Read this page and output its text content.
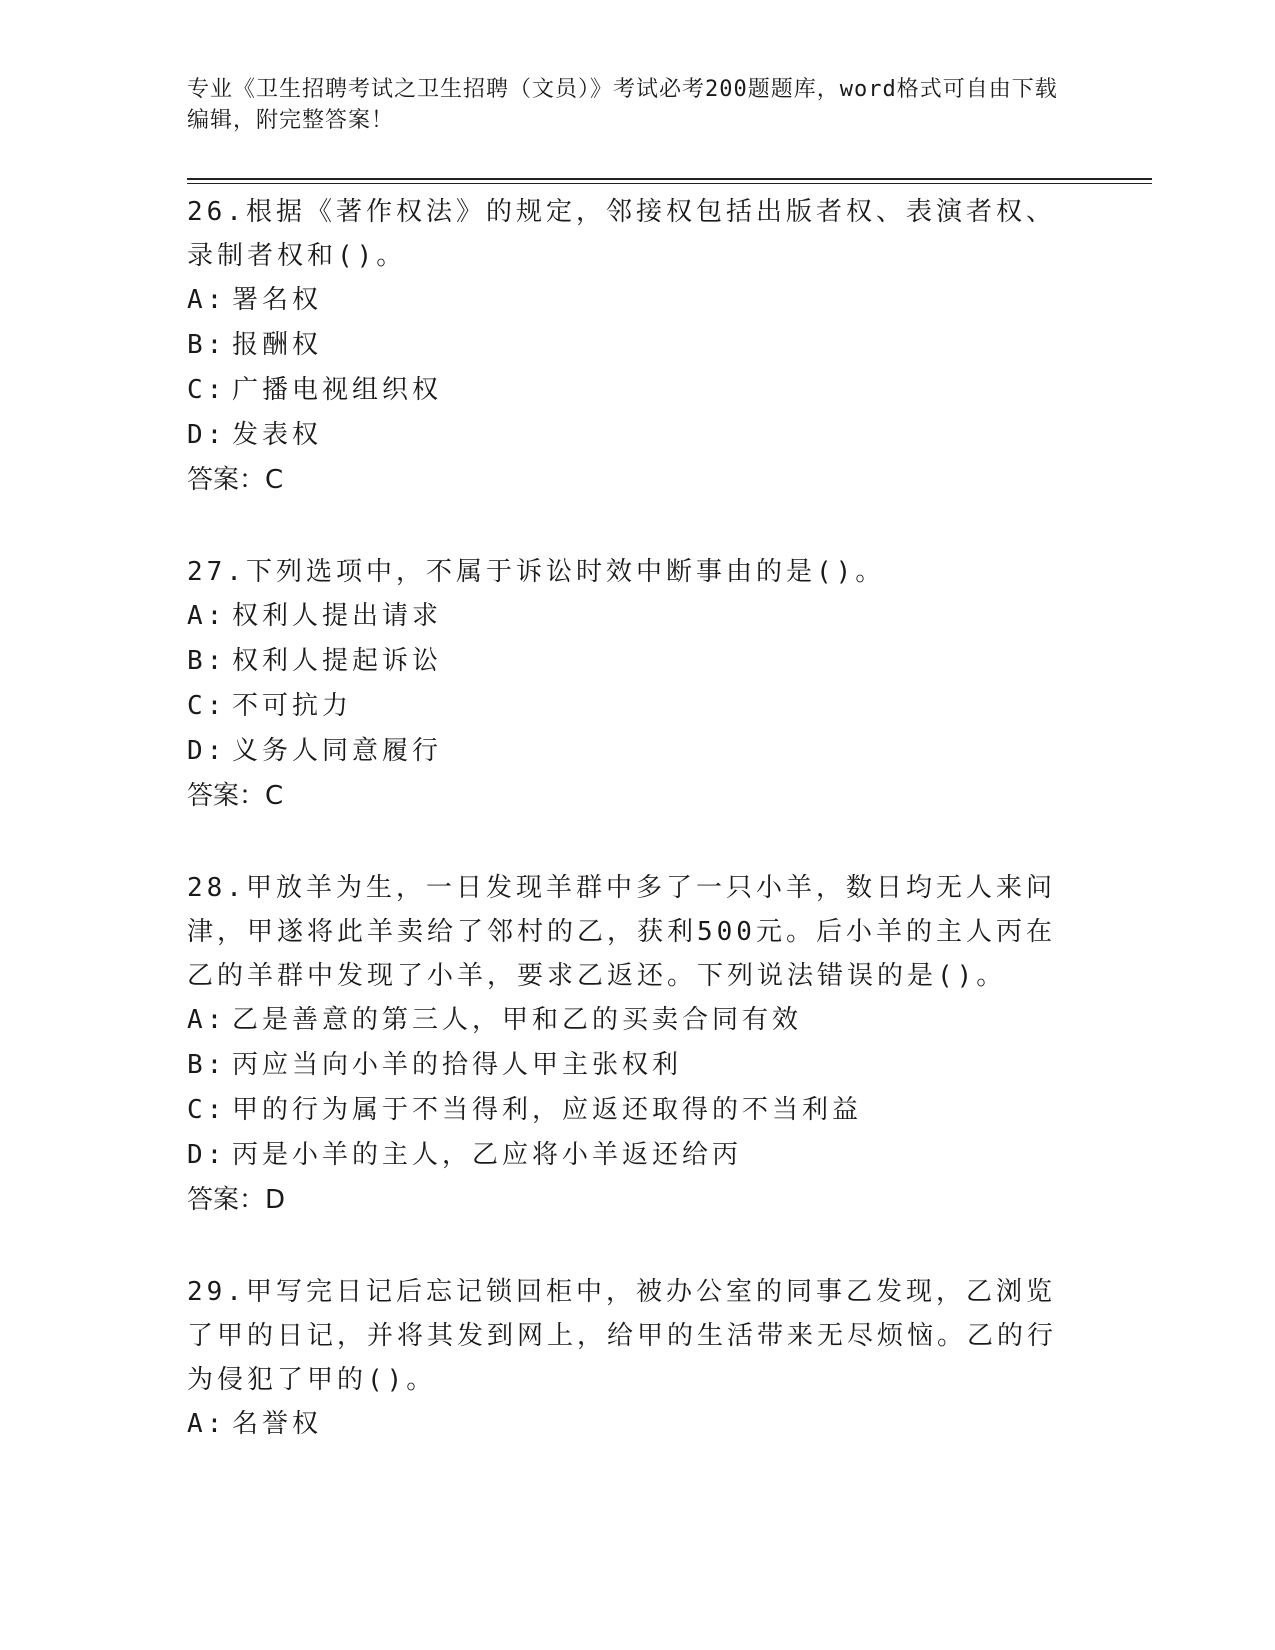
专业《卫生招聘考试之卫生招聘（文员）》考试必考200题题库，word格式可自由下载编辑，附完整答案！

26.根据《著作权法》的规定，邻接权包括出版者权、表演者权、录制者权和()。

A: 署名权

B: 报酬权

C: 广播电视组织权

D: 发表权

答案：C

27.下列选项中，不属于诉讼时效中断事由的是()。

A: 权利人提出请求

B: 权利人提起诉讼

C: 不可抗力

D: 义务人同意履行

答案：C

28.甲放羊为生，一日发现羊群中多了一只小羊，数日均无人来问津，甲遂将此羊卖给了邻村的乙，获利500元。后小羊的主人丙在乙的羊群中发现了小羊，要求乙返还。下列说法错误的是()。

A: 乙是善意的第三人，甲和乙的买卖合同有效

B: 丙应当向小羊的拾得人甲主张权利

C: 甲的行为属于不当得利，应返还取得的不当利益

D: 丙是小羊的主人，乙应将小羊返还给丙

答案：D

29.甲写完日记后忘记锁回柜中，被办公室的同事乙发现，乙浏览了甲的日记，并将其发到网上，给甲的生活带来无尽烦恼。乙的行为侵犯了甲的()。

A: 名誉权
